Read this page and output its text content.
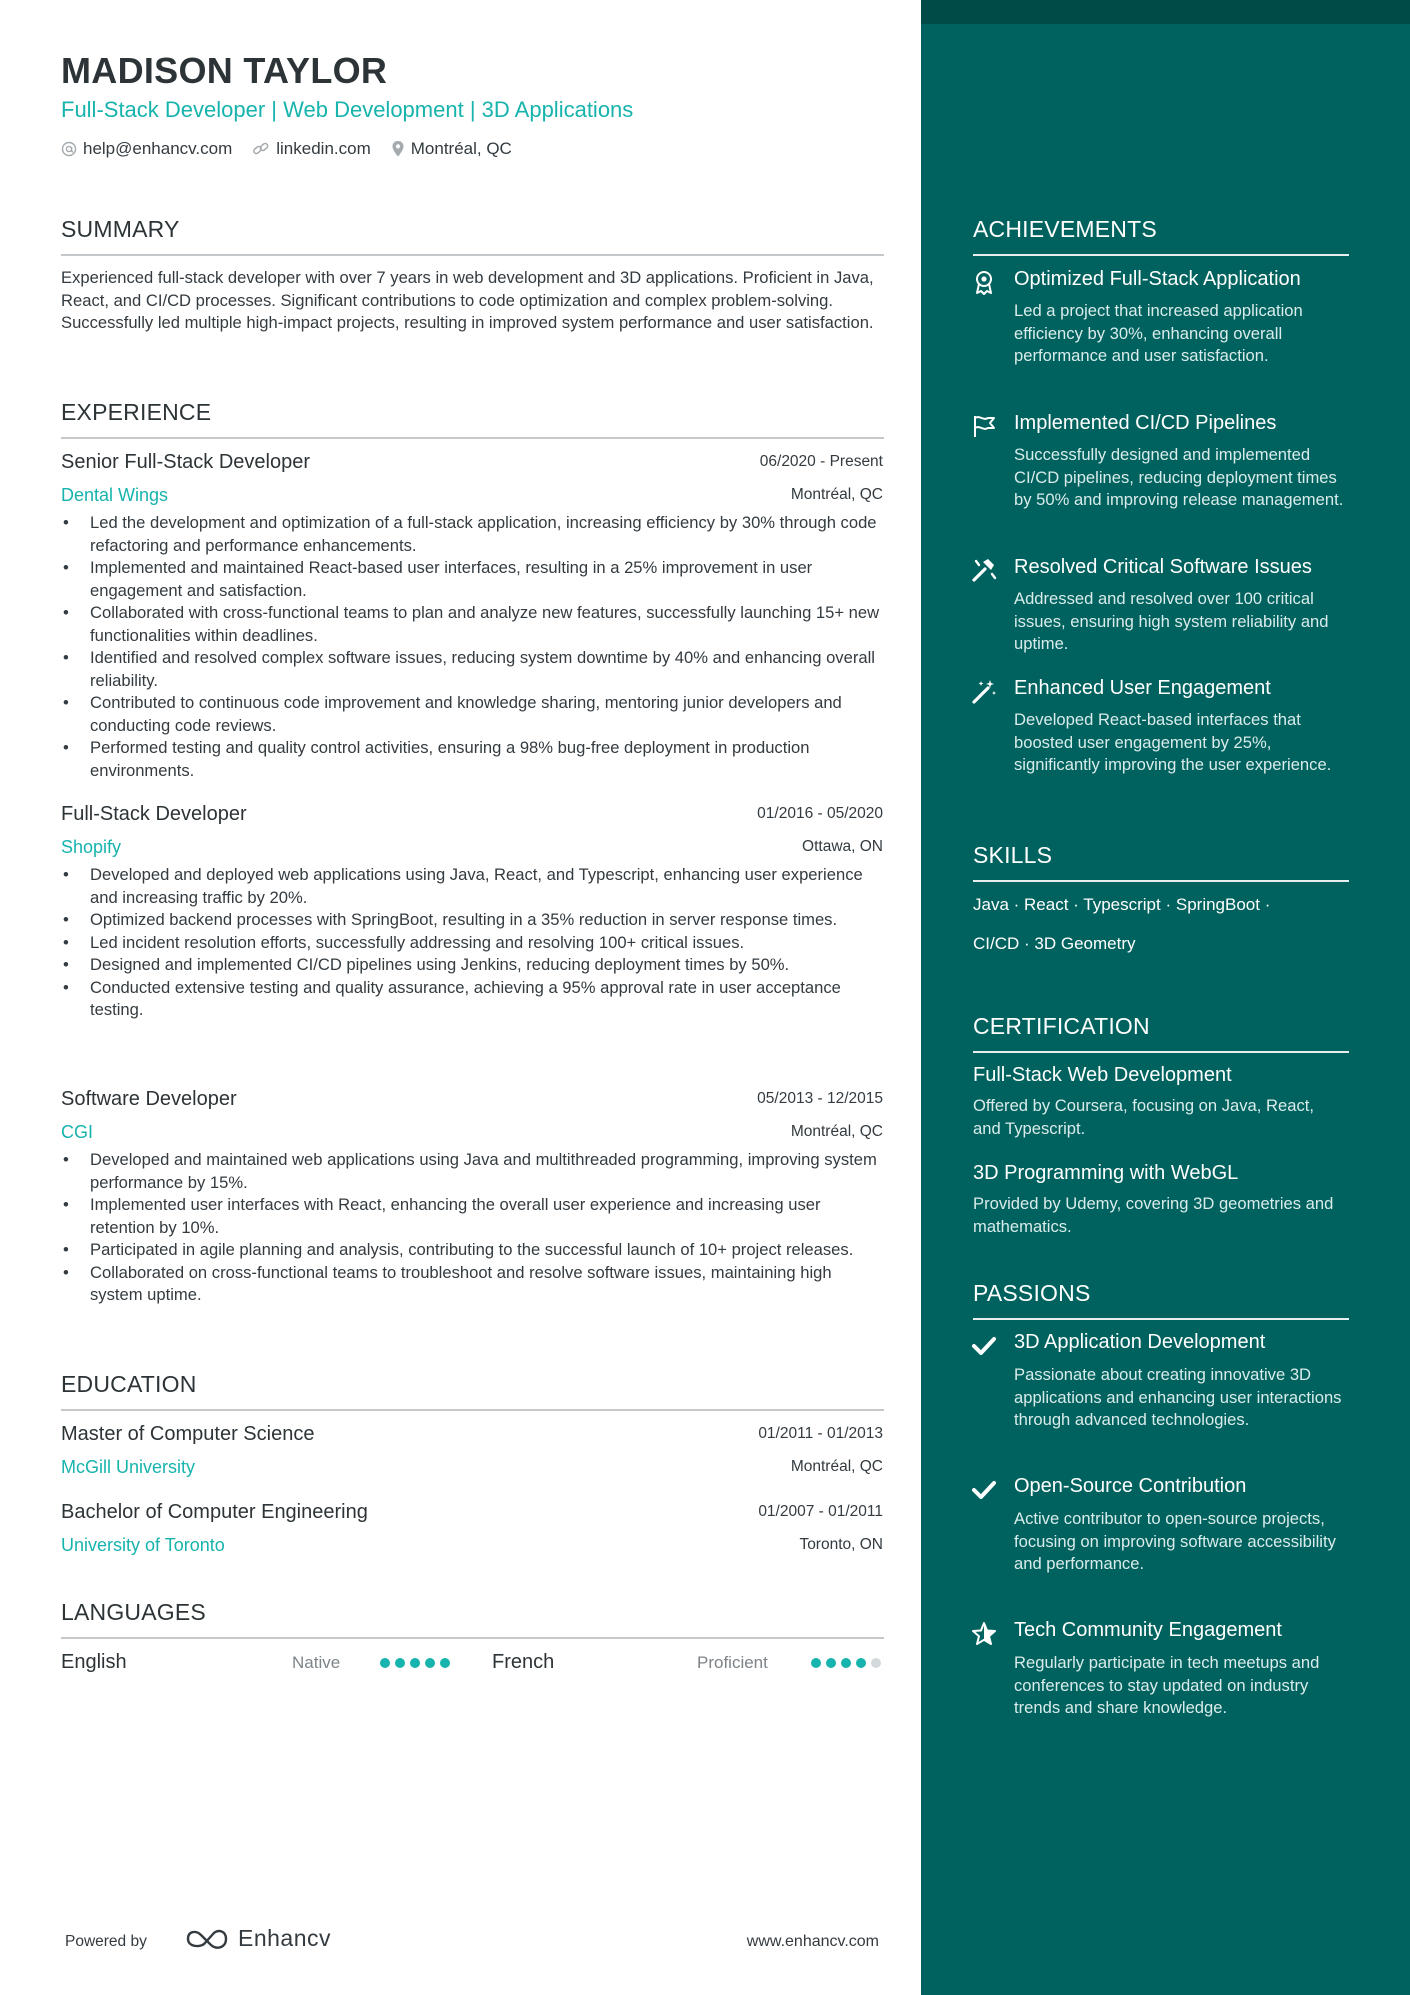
MADISON TAYLOR
Full-Stack Developer | Web Development | 3D Applications
help@enhancv.com	linkedin.com Montréal, QC
SUMMARY
Experienced full-stack developer with over 7 years in web development and 3D applications. Proficient in Java, React, and CI/CD processes. Significant contributions to code optimization and complex problem-solving. Successfully led multiple high-impact projects, resulting in improved system performance and user satisfaction.
EXPERIENCE
Senior Full-Stack Developer	06/2020 - Present
Dental Wings	Montréal, QC
• Led the development and optimization of a full-stack application, increasing efficiency by 30% through code refactoring and performance enhancements.
• Implemented and maintained React-based user interfaces, resulting in a 25% improvement in user engagement and satisfaction.
• Collaborated with cross-functional teams to plan and analyze new features, successfully launching 15+ new functionalities within deadlines.
• Identified and resolved complex software issues, reducing system downtime by 40% and enhancing overall reliability.
• Contributed to continuous code improvement and knowledge sharing, mentoring junior developers and conducting code reviews.
• Performed testing and quality control activities, ensuring a 98% bug-free deployment in production environments.
Full-Stack Developer	01/2016 - 05/2020
Shopify	Ottawa, ON
• Developed and deployed web applications using Java, React, and Typescript, enhancing user experience and increasing traffic by 20%.
• Optimized backend processes with SpringBoot, resulting in a 35% reduction in server response times.
• Led incident resolution efforts, successfully addressing and resolving 100+ critical issues.
• Designed and implemented CI/CD pipelines using Jenkins, reducing deployment times by 50%.
• Conducted extensive testing and quality assurance, achieving a 95% approval rate in user acceptance testing.
Software Developer	05/2013 - 12/2015
CGI	Montréal, QC
• Developed and maintained web applications using Java and multithreaded programming, improving system performance by 15%.
• Implemented user interfaces with React, enhancing the overall user experience and increasing user retention by 10%.
• Participated in agile planning and analysis, contributing to the successful launch of 10+ project releases.
• Collaborated on cross-functional teams to troubleshoot and resolve software issues, maintaining high system uptime.
EDUCATION
Master of Computer Science	01/2011 - 01/2013
McGill University	Montréal, QC
Bachelor of Computer Engineering	01/2007 - 01/2011
University of Toronto	Toronto, ON
LANGUAGES
English	Native	French	Proficient
Powered by	Enhancv	www.enhancv.com
ACHIEVEMENTS
Optimized Full-Stack Application
Led a project that increased application efficiency by 30%, enhancing overall performance and user satisfaction.
Implemented CI/CD Pipelines
Successfully designed and implemented CI/CD pipelines, reducing deployment times by 50% and improving release management.
Resolved Critical Software Issues
Addressed and resolved over 100 critical issues, ensuring high system reliability and uptime.
Enhanced User Engagement
Developed React-based interfaces that boosted user engagement by 25%, significantly improving the user experience.
SKILLS
Java · React · Typescript · SpringBoot ·
CI/CD · 3D Geometry
CERTIFICATION
Full-Stack Web Development
Offered by Coursera, focusing on Java, React, and Typescript.
3D Programming with WebGL
Provided by Udemy, covering 3D geometries and mathematics.
PASSIONS
3D Application Development
Passionate about creating innovative 3D applications and enhancing user interactions through advanced technologies.
Open-Source Contribution
Active contributor to open-source projects, focusing on improving software accessibility and performance.
Tech Community Engagement
Regularly participate in tech meetups and conferences to stay updated on industry trends and share knowledge.
